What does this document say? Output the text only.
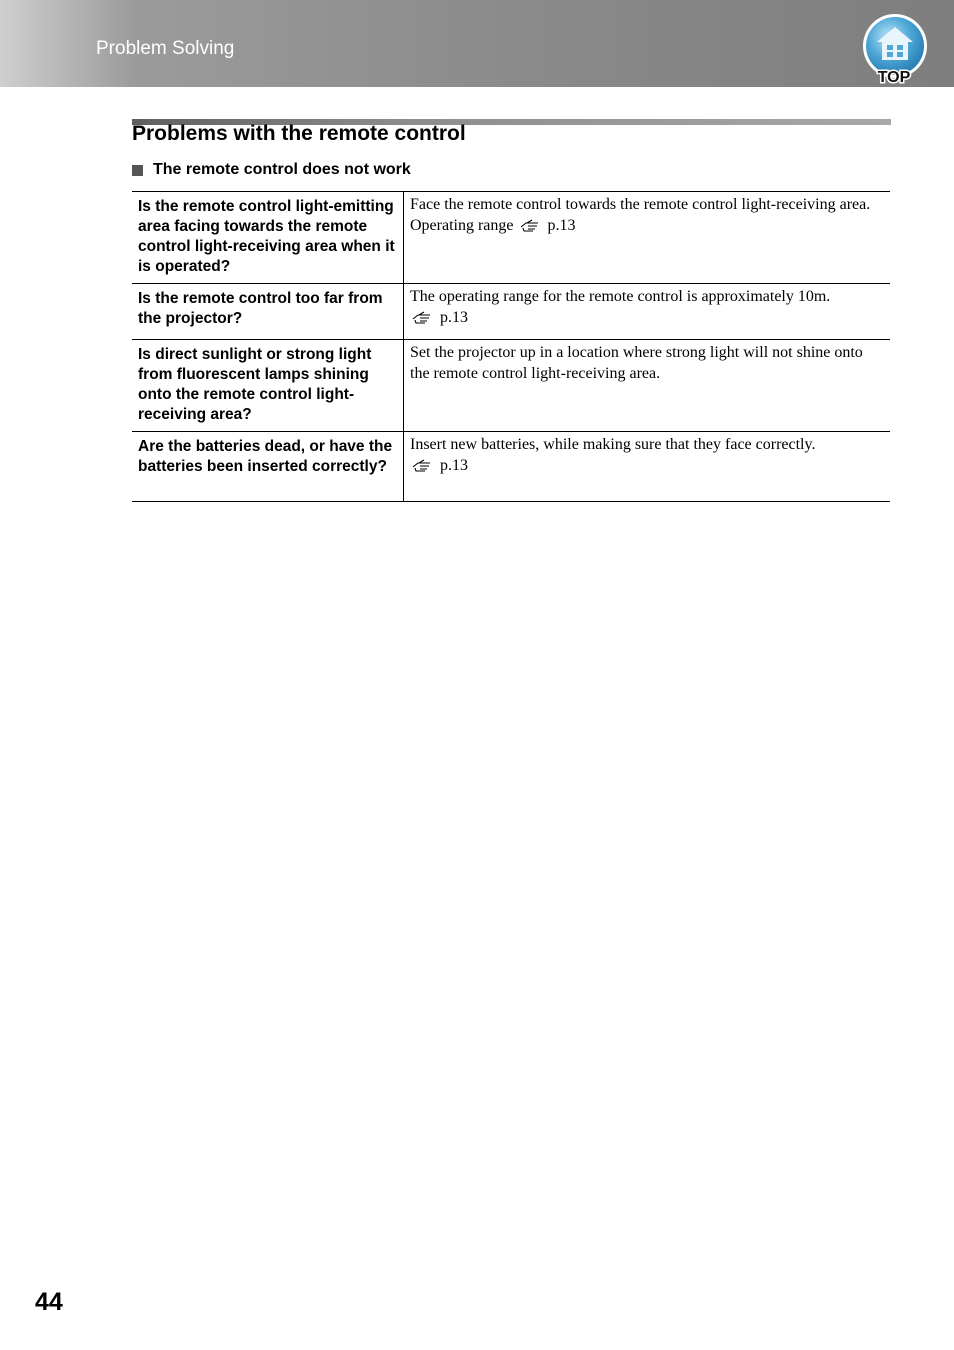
Problem Solving
TOP
Problems with the remote control
The remote control does not work
Is the remote control light-emitting area facing towards the remote control light-receiving area when it is operated?	Face the remote control towards the remote control light-receiving area.
Operating range p.13
Is the remote control too far from the projector?	The operating range for the remote control is approximately 10m.
p.13
Is direct sunlight or strong light from fluorescent lamps shining onto the remote control light-receiving area?	Set the projector up in a location where strong light will not shine onto the remote control light-receiving area.
Are the batteries dead, or have the batteries been inserted correctly?	Insert new batteries, while making sure that they face correctly.
p.13
44
